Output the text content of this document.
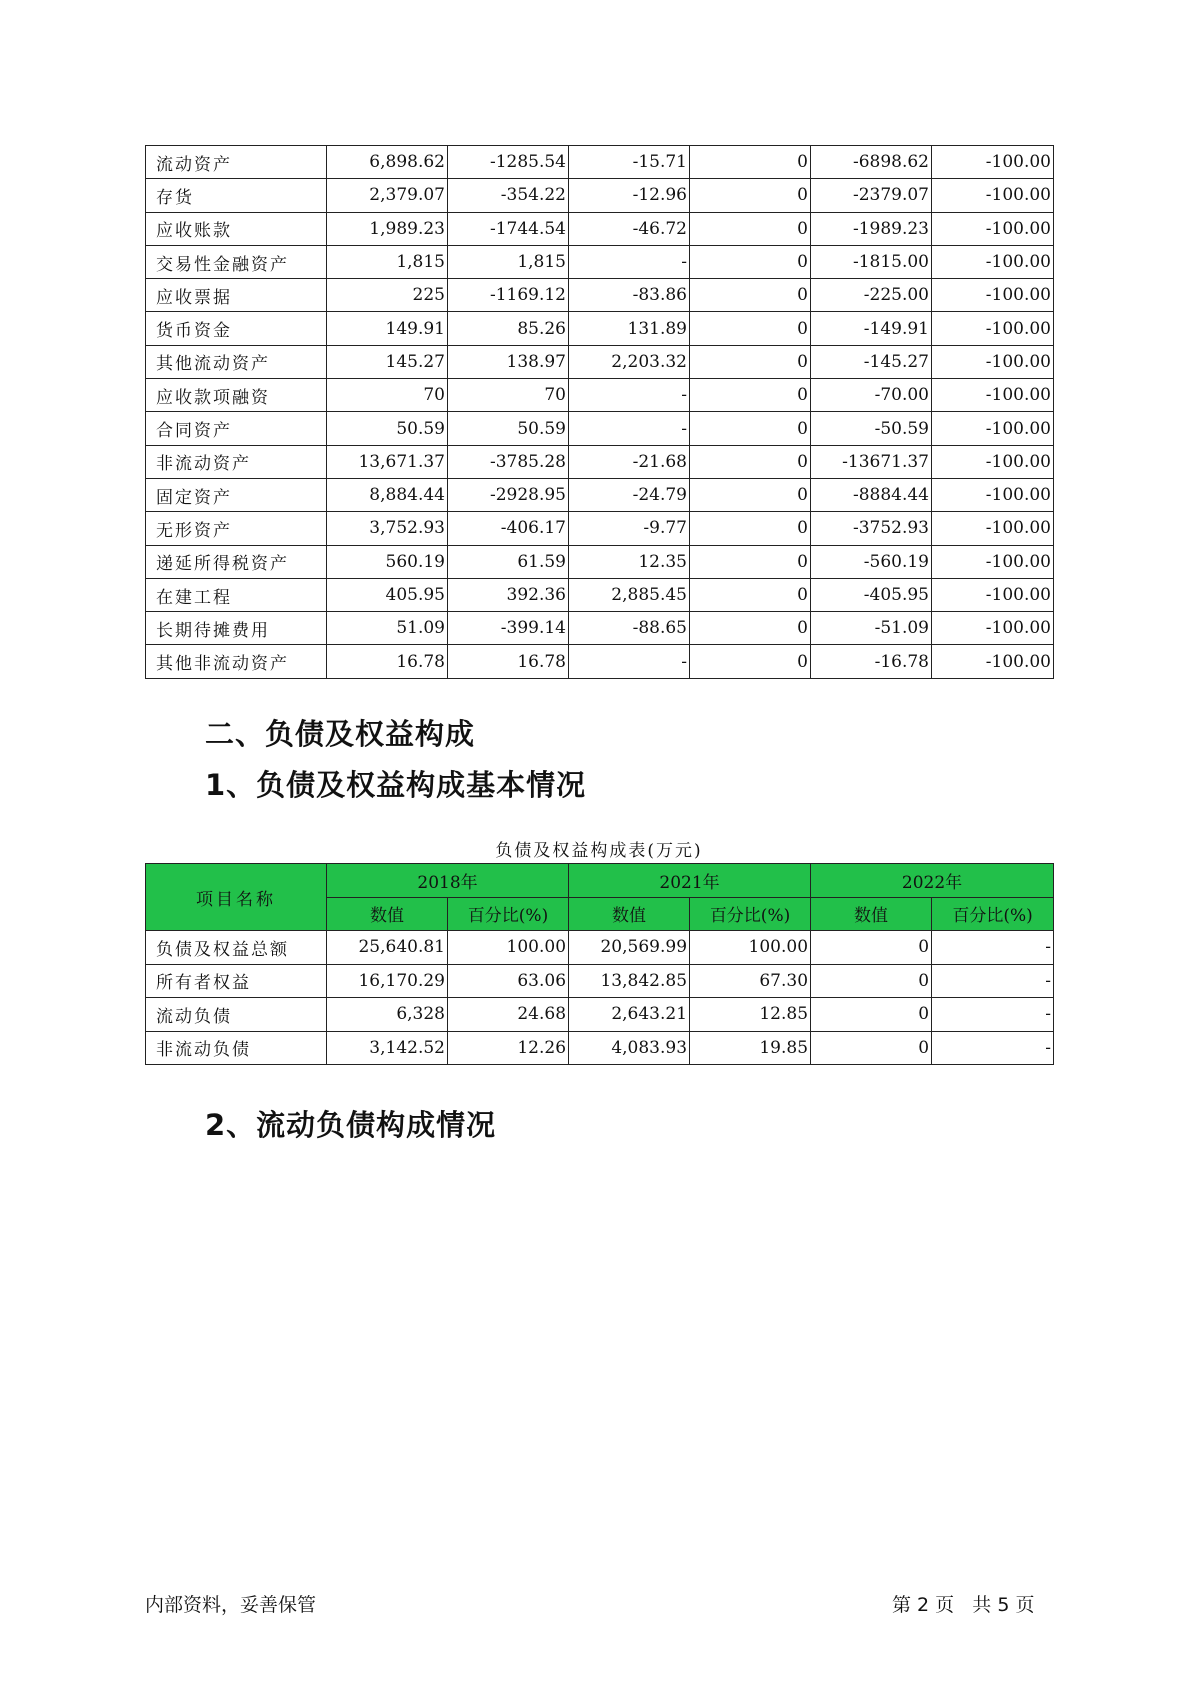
流动资产	6,898.62	-1285.54	-15.71	0	-6898.62	-100.00
存货	2,379.07	-354.22	-12.96	0	-2379.07	-100.00
应收账款	1,989.23	-1744.54	-46.72	0	-1989.23	-100.00
交易性金融资产	1,815	1,815	-	0	-1815.00	-100.00
应收票据	225	-1169.12	-83.86	0	-225.00	-100.00
货币资金	149.91	85.26	131.89	0	-149.91	-100.00
其他流动资产	145.27	138.97	2,203.32	0	-145.27	-100.00
应收款项融资	70	70	-	0	-70.00	-100.00
合同资产	50.59	50.59	-	0	-50.59	-100.00
非流动资产	13,671.37	-3785.28	-21.68	0	-13671.37	-100.00
固定资产	8,884.44	-2928.95	-24.79	0	-8884.44	-100.00
无形资产	3,752.93	-406.17	-9.77	0	-3752.93	-100.00
递延所得税资产	560.19	61.59	12.35	0	-560.19	-100.00
在建工程	405.95	392.36	2,885.45	0	-405.95	-100.00
长期待摊费用	51.09	-399.14	-88.65	0	-51.09	-100.00
其他非流动资产	16.78	16.78	-	0	-16.78	-100.00
二、负债及权益构成
1、负债及权益构成基本情况
负债及权益构成表(万元)
项目名称	2018年		2021年		2022年	
	数值	百分比(%)	数值	百分比(%)	数值	百分比(%)
负债及权益总额	25,640.81	100.00	20,569.99	100.00	0	-
所有者权益	16,170.29	63.06	13,842.85	67.30	0	-
流动负债	6,328	24.68	2,643.21	12.85	0	-
非流动负债	3,142.52	12.26	4,083.93	19.85	0	-
2、流动负债构成情况
内部资料，妥善保管	第 2 页   共 5 页
